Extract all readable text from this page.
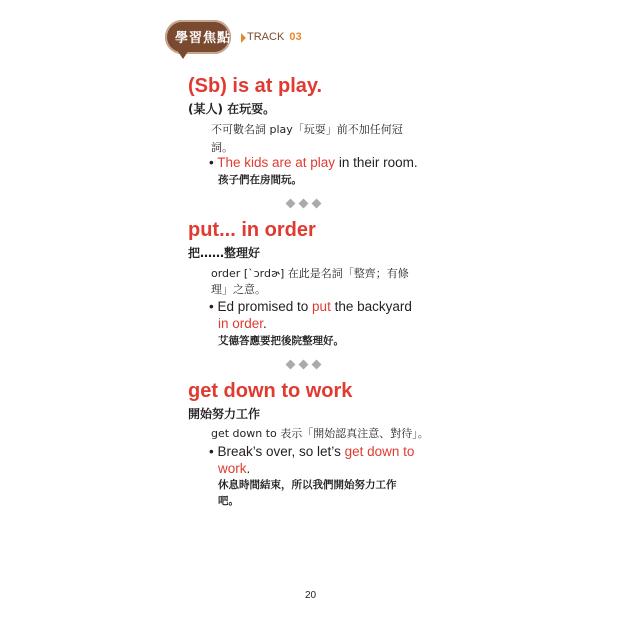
學習焦點 TRACK 03
(Sb) is at play.
(某人) 在玩耍。
不可數名詞 play「玩耍」前不加任何冠
詞。
• The kids are at play in their room.
孩子們在房間玩。
put... in order
把……整理好
order [ˋɔrdɚ] 在此是名詞「整齊；有條
理」之意。
• Ed promised to put the backyard
in order.
艾德答應要把後院整理好。
get down to work
開始努力工作
get down to 表示「開始認真注意、對待」。
• Break’s over, so let’s get down to
work.
休息時間結束，所以我們開始努力工作
吧。
20
